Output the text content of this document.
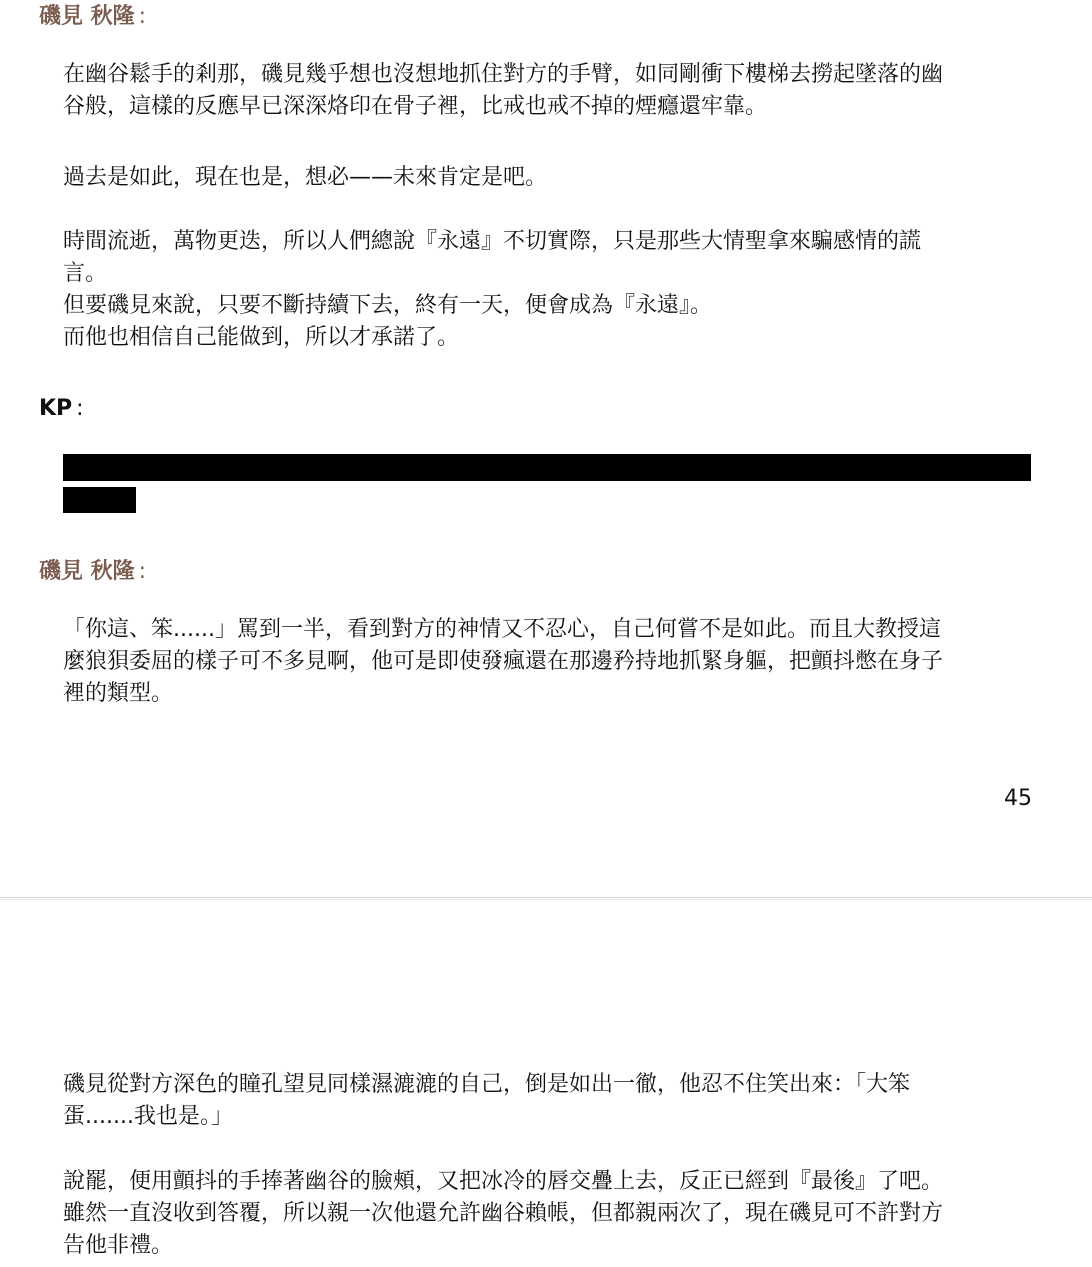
磯見 秋隆 :
在幽谷鬆手的剎那，磯見幾乎想也沒想地抓住對方的手臂，如同剛衝下樓梯去撈起墜落的幽
谷般，這樣的反應早已深深烙印在骨子裡，比戒也戒不掉的煙癮還牢靠。
過去是如此，現在也是，想必——未來肯定是吧。
時間流逝，萬物更迭，所以人們總說『永遠』不切實際，只是那些大情聖拿來騙感情的謊
言。
但要磯見來說，只要不斷持續下去，終有一天，便會成為『永遠』。
而他也相信自己能做到，所以才承諾了。
KP :
磯見 秋隆 :
「你這、笨......」罵到一半，看到對方的神情又不忍心，自己何嘗不是如此。而且大教授這
麼狼狽委屈的樣子可不多見啊，他可是即使發瘋還在那邊矜持地抓緊身軀，把顫抖憋在身子
裡的類型。
45
磯見從對方深色的瞳孔望見同樣濕漉漉的自己，倒是如出一徹，他忍不住笑出來：「大笨
蛋.......我也是。」
說罷，便用顫抖的手捧著幽谷的臉頰，又把冰冷的唇交疊上去，反正已經到『最後』了吧。
雖然一直沒收到答覆，所以親一次他還允許幽谷賴帳，但都親兩次了，現在磯見可不許對方
告他非禮。
